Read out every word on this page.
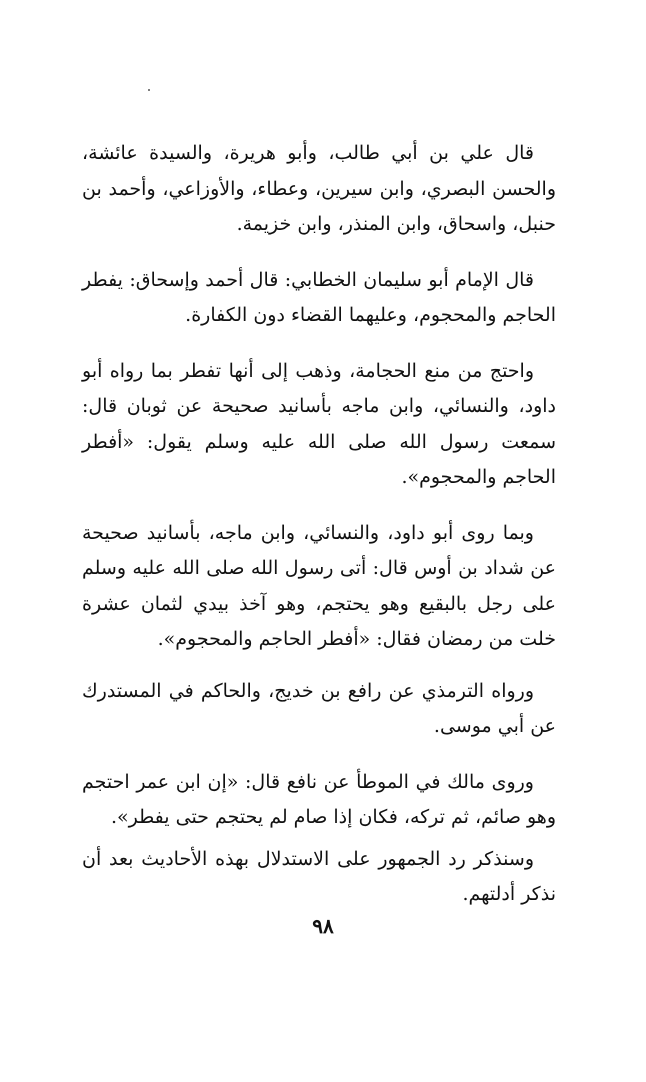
قال علي بن أبي طالب، وأبو هريرة، والسيدة عائشة، والحسن البصري، وابن سيرين، وعطاء، والأوزاعي، وأحمد بن حنبل، واسحاق، وابن المنذر، وابن خزيمة.

قال الإمام أبو سليمان الخطابي: قال أحمد وإسحاق: يفطر الحاجم والمحجوم، وعليهما القضاء دون الكفارة.

واحتج من منع الحجامة، وذهب إلى أنها تفطر بما رواه أبو داود، والنسائي، وابن ماجه بأسانيد صحيحة عن ثوبان قال: سمعت رسول الله صلى الله عليه وسلم يقول: «أفطر الحاجم والمحجوم».

وبما روى أبو داود، والنسائي، وابن ماجه، بأسانيد صحيحة عن شداد بن أوس قال: أتى رسول الله صلى الله عليه وسلم على رجل بالبقيع وهو يحتجم، وهو آخذ بيدي لثمان عشرة خلت من رمضان فقال: «أفطر الحاجم والمحجوم».

ورواه الترمذي عن رافع بن خديج، والحاكم في المستدرك عن أبي موسى.

وروى مالك في الموطأ عن نافع قال: «إن ابن عمر احتجم وهو صائم، ثم تركه، فكان إذا صام لم يحتجم حتى يفطر».

وسنذكر رد الجمهور على الاستدلال بهذه الأحاديث بعد أن نذكر أدلتهم.

٩٨
